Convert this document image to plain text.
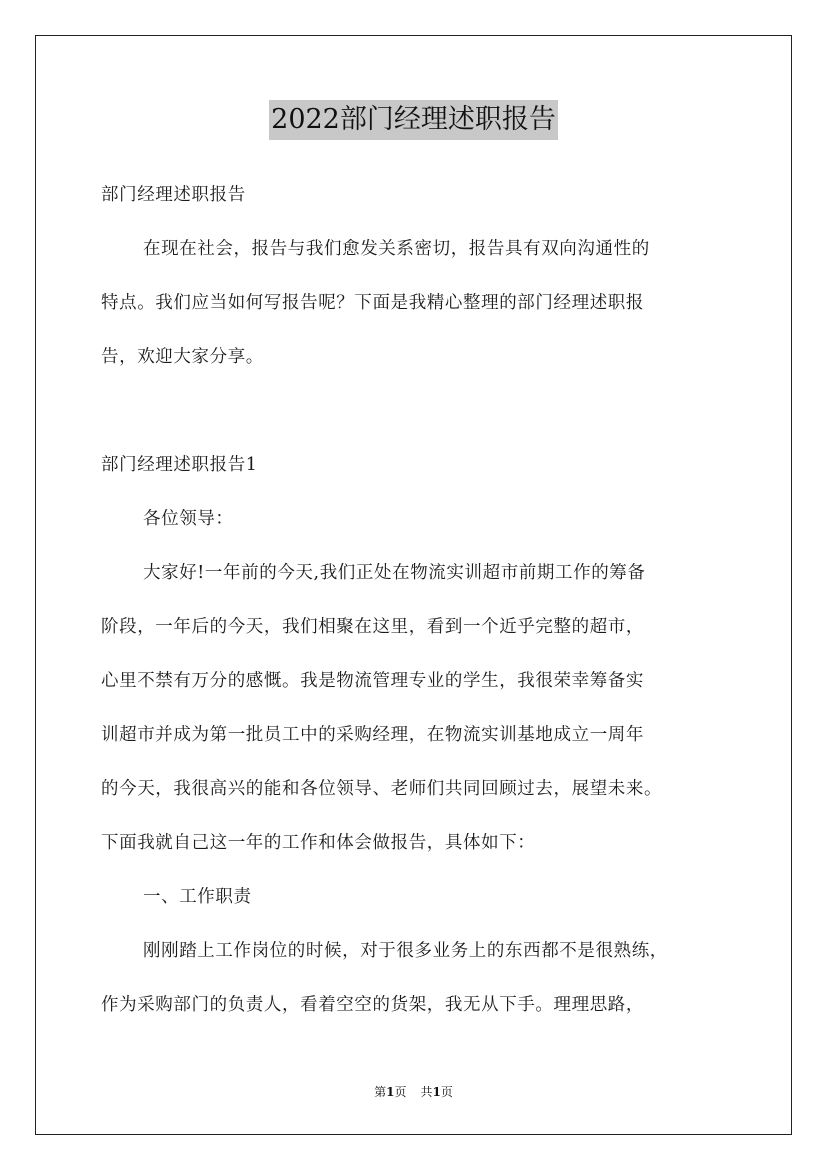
2022部门经理述职报告
部门经理述职报告
在现在社会，报告与我们愈发关系密切，报告具有双向沟通性的
特点。我们应当如何写报告呢？下面是我精心整理的部门经理述职报
告，欢迎大家分享。
部门经理述职报告1
各位领导：
大家好!一年前的今天,我们正处在物流实训超市前期工作的筹备
阶段，一年后的今天，我们相聚在这里，看到一个近乎完整的超市，
心里不禁有万分的感慨。我是物流管理专业的学生，我很荣幸筹备实
训超市并成为第一批员工中的采购经理，在物流实训基地成立一周年
的今天，我很高兴的能和各位领导、老师们共同回顾过去，展望未来。
下面我就自己这一年的工作和体会做报告，具体如下：
一、工作职责
刚刚踏上工作岗位的时候，对于很多业务上的东西都不是很熟练，
作为采购部门的负责人，看着空空的货架，我无从下手。理理思路，
第1页 共1页
